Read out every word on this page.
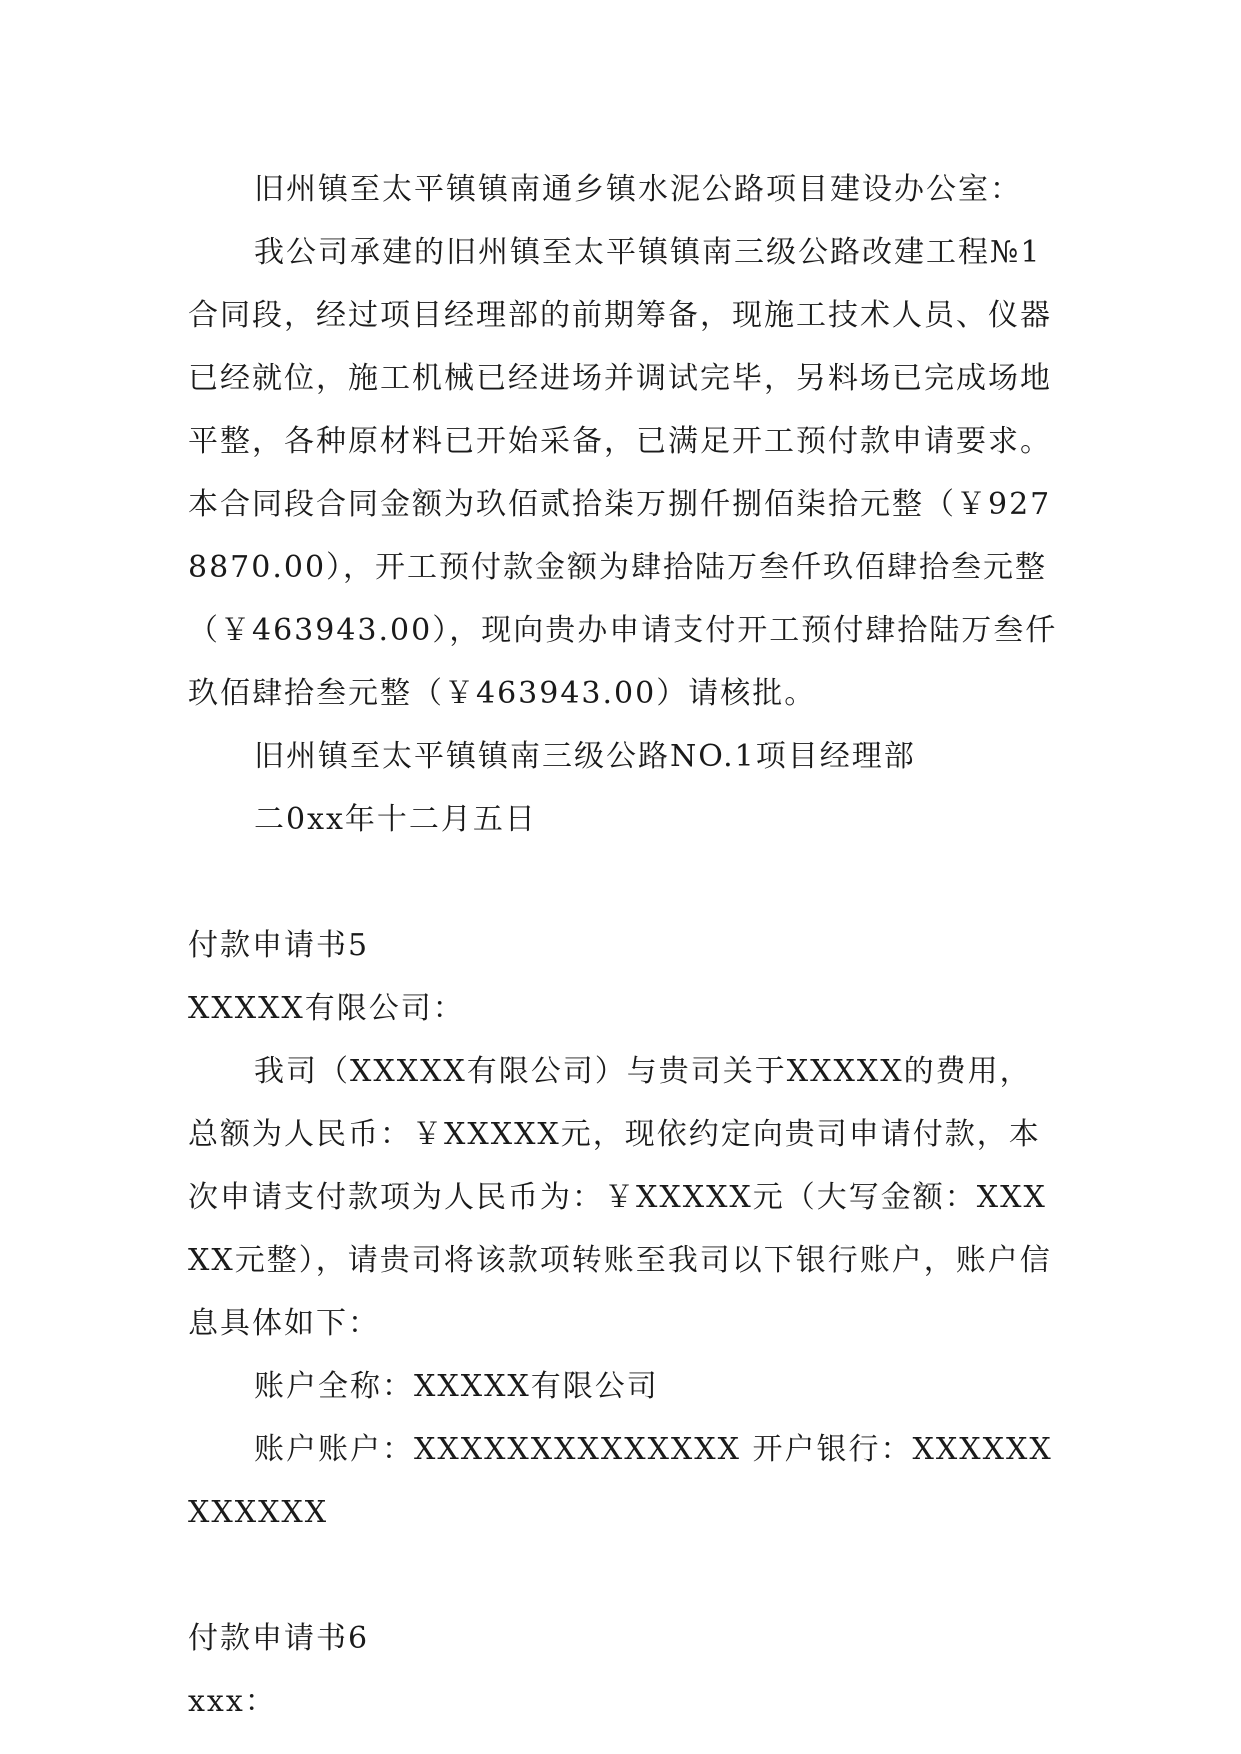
旧州镇至太平镇镇南通乡镇水泥公路项目建设办公室：

我公司承建的旧州镇至太平镇镇南三级公路改建工程№1合同段，经过项目经理部的前期筹备，现施工技术人员、仪器已经就位，施工机械已经进场并调试完毕，另料场已完成场地平整，各种原材料已开始采备，已满足开工预付款申请要求。本合同段合同金额为玖佰贰拾柒万捌仟捌佰柒拾元整（￥9278870.00），开工预付款金额为肆拾陆万叁仟玖佰肆拾叁元整（￥463943.00），现向贵办申请支付开工预付肆拾陆万叁仟玖佰肆拾叁元整（￥463943.00）请核批。

旧州镇至太平镇镇南三级公路NO.1项目经理部

二0xx年十二月五日

付款申请书5

XXXXX有限公司：

我司（XXXXX有限公司）与贵司关于XXXXX的费用，总额为人民币：￥XXXXX元，现依约定向贵司申请付款，本次申请支付款项为人民币为：￥XXXXX元（大写金额：XXXXX元整），请贵司将该款项转账至我司以下银行账户，账户信息具体如下：

账户全称：XXXXX有限公司

账户账户：XXXXXXXXXXXXXX 开户银行：XXXXXXXXXXXX

付款申请书6

xxx：
